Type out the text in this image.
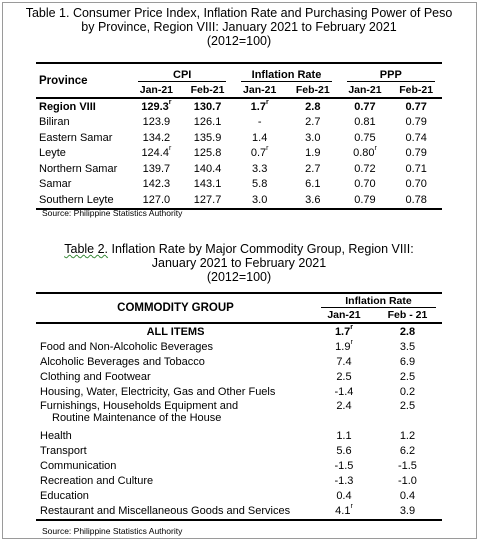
Table 1. Consumer Price Index, Inflation Rate and Purchasing Power of Peso
by Province, Region VIII: January 2021 to February 2021
(2012=100)
Province	CPI		Inflation Rate		PPP	
	Jan-21	Feb-21	Jan-21	Feb-21	Jan-21	Feb-21
Region VIII	129.3$^r$	130.7	1.7$^r$	2.8	0.77	0.77
Biliran	123.9	126.1	-	2.7	0.81	0.79
Eastern Samar	134.2	135.9	1.4	3.0	0.75	0.74
Leyte	124.4$^r$	125.8	0.7$^r$	1.9	0.80$^r$	0.79
Northern Samar	139.7	140.4	3.3	2.7	0.72	0.71
Samar	142.3	143.1	5.8	6.1	0.70	0.70
Southern Leyte	127.0	127.7	3.0	3.6	0.79	0.78
Source: Philippine Statistics Authority
Table 2. Inflation Rate by Major Commodity Group, Region VIII:
January 2021 to February 2021
(2012=100)
COMMODITY GROUP	Inflation Rate	
	Jan-21	Feb - 21
ALL ITEMS	1.7$^r$	2.8
Food and Non-Alcoholic Beverages	1.9$^r$	3.5
Alcoholic Beverages and Tobacco	7.4	6.9
Clothing and Footwear	2.5	2.5
Housing, Water, Electricity, Gas and Other Fuels	-1.4	0.2
Furnishings, Households Equipment and
Routine Maintenance of the House	2.4	2.5
Health	1.1	1.2
Transport	5.6	6.2
Communication	-1.5	-1.5
Recreation and Culture	-1.3	-1.0
Education	0.4	0.4
Restaurant and Miscellaneous Goods and Services	4.1$^r$	3.9
Source: Philippine Statistics Authority
